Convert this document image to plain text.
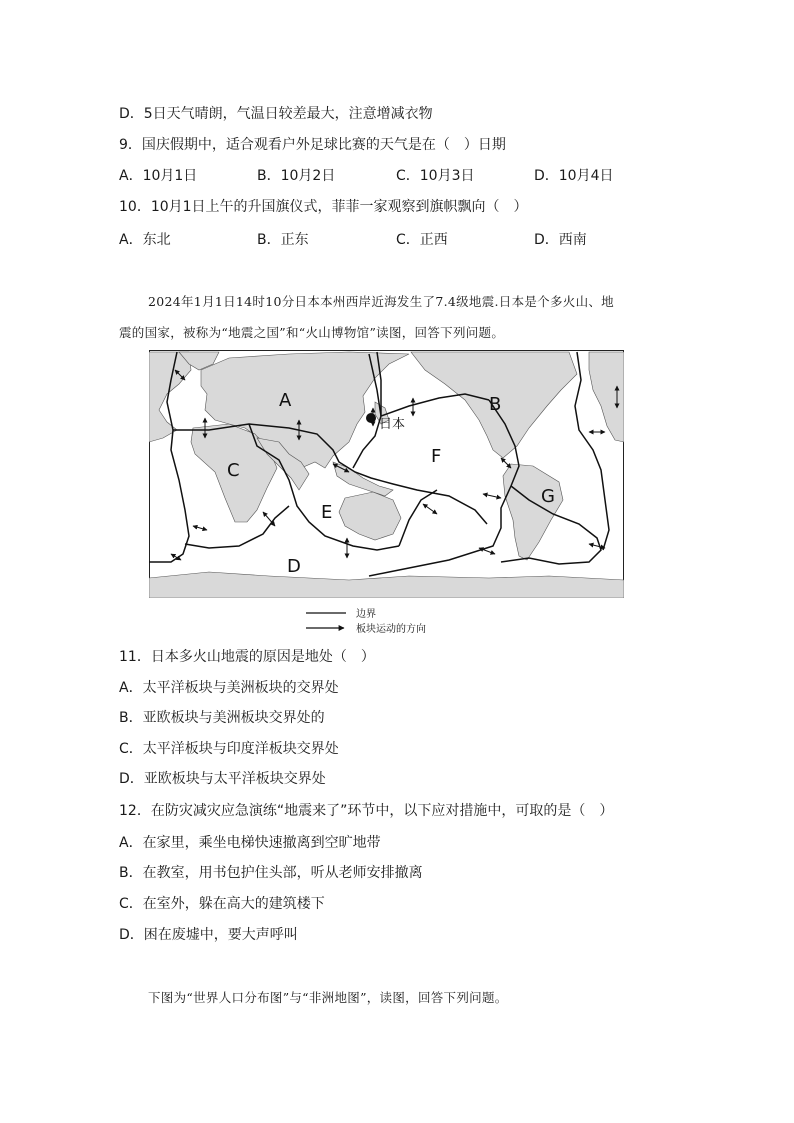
D．5日天气晴朗，气温日较差最大，注意增减衣物
9．国庆假期中，适合观看户外足球比赛的天气是在（　）日期
A．10月1日	B．10月2日	C．10月3日	D．10月4日
10．10月1日上午的升国旗仪式，菲菲一家观察到旗帜飘向（　）
A．东北	B．正东	C．正西	D．西南
2024年1月1日14时10分日本本州西岸近海发生了7.4级地震.日本是个多火山、地
震的国家，被称为“地震之国”和“火山博物馆”读图，回答下列问题。
A	B
C
D
E
F
G
日本
边界
板块运动的方向
11．日本多火山地震的原因是地处（　）
A．太平洋板块与美洲板块的交界处
B．亚欧板块与美洲板块交界处的
C．太平洋板块与印度洋板块交界处
D．亚欧板块与太平洋板块交界处
12．在防灾减灾应急演练“地震来了”环节中，以下应对措施中，可取的是（　）
A．在家里，乘坐电梯快速撤离到空旷地带
B．在教室，用书包护住头部，听从老师安排撤离
C．在室外，躲在高大的建筑楼下
D．困在废墟中，要大声呼叫
下图为“世界人口分布图”与“非洲地图”，读图，回答下列问题。
